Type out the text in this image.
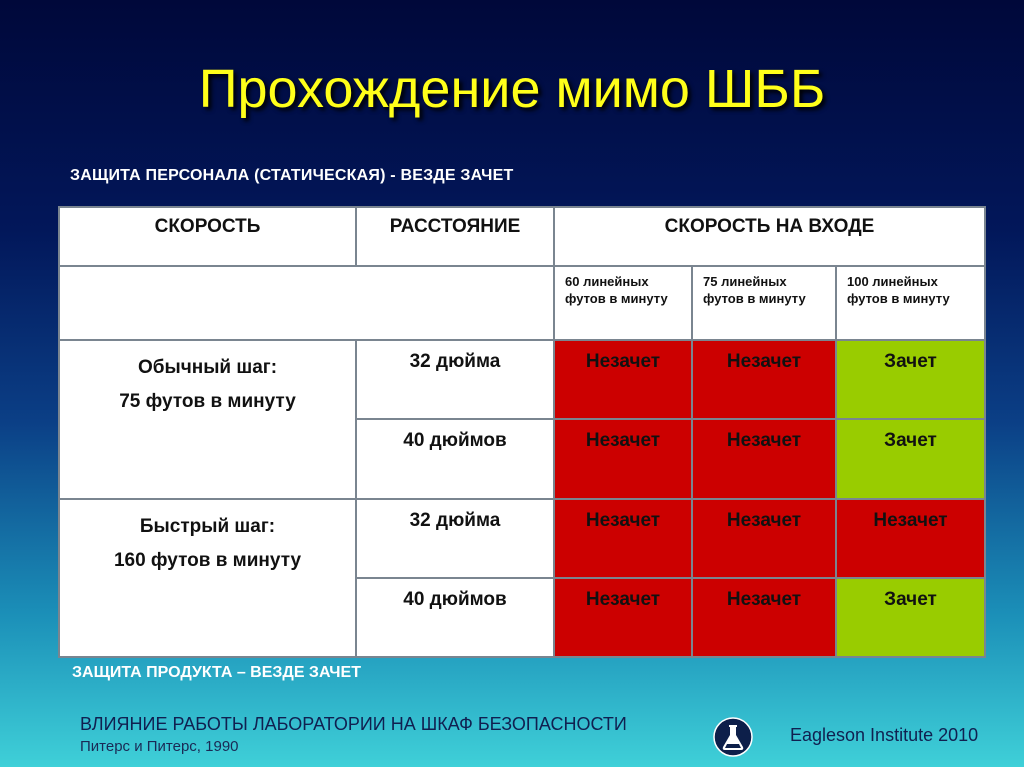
Прохождение мимо ШББ
ЗАЩИТА ПЕРСОНАЛА (СТАТИЧЕСКАЯ) - ВЕЗДЕ ЗАЧЕТ
СКОРОСТЬ	РАССТОЯНИЕ	СКОРОСТЬ НА ВХОДЕ		
		60 линейных футов в минуту	75 линейных футов в минуту	100 линейных футов в минуту

Обычный шаг:
75 футов в минуту	32 дюйма	Незачет	Незачет	Зачет
	40 дюймов	Незачет	Незачет	Зачет

Быстрый шаг:
160 футов в минуту	32 дюйма	Незачет	Незачет	Незачет
	40 дюймов	Незачет	Незачет	Зачет
ЗАЩИТА ПРОДУКТА – ВЕЗДЕ ЗАЧЕТ
ВЛИЯНИЕ РАБОТЫ ЛАБОРАТОРИИ НА ШКАФ БЕЗОПАСНОСТИ
Питерс и Питерс, 1990
Eagleson Institute 2010
